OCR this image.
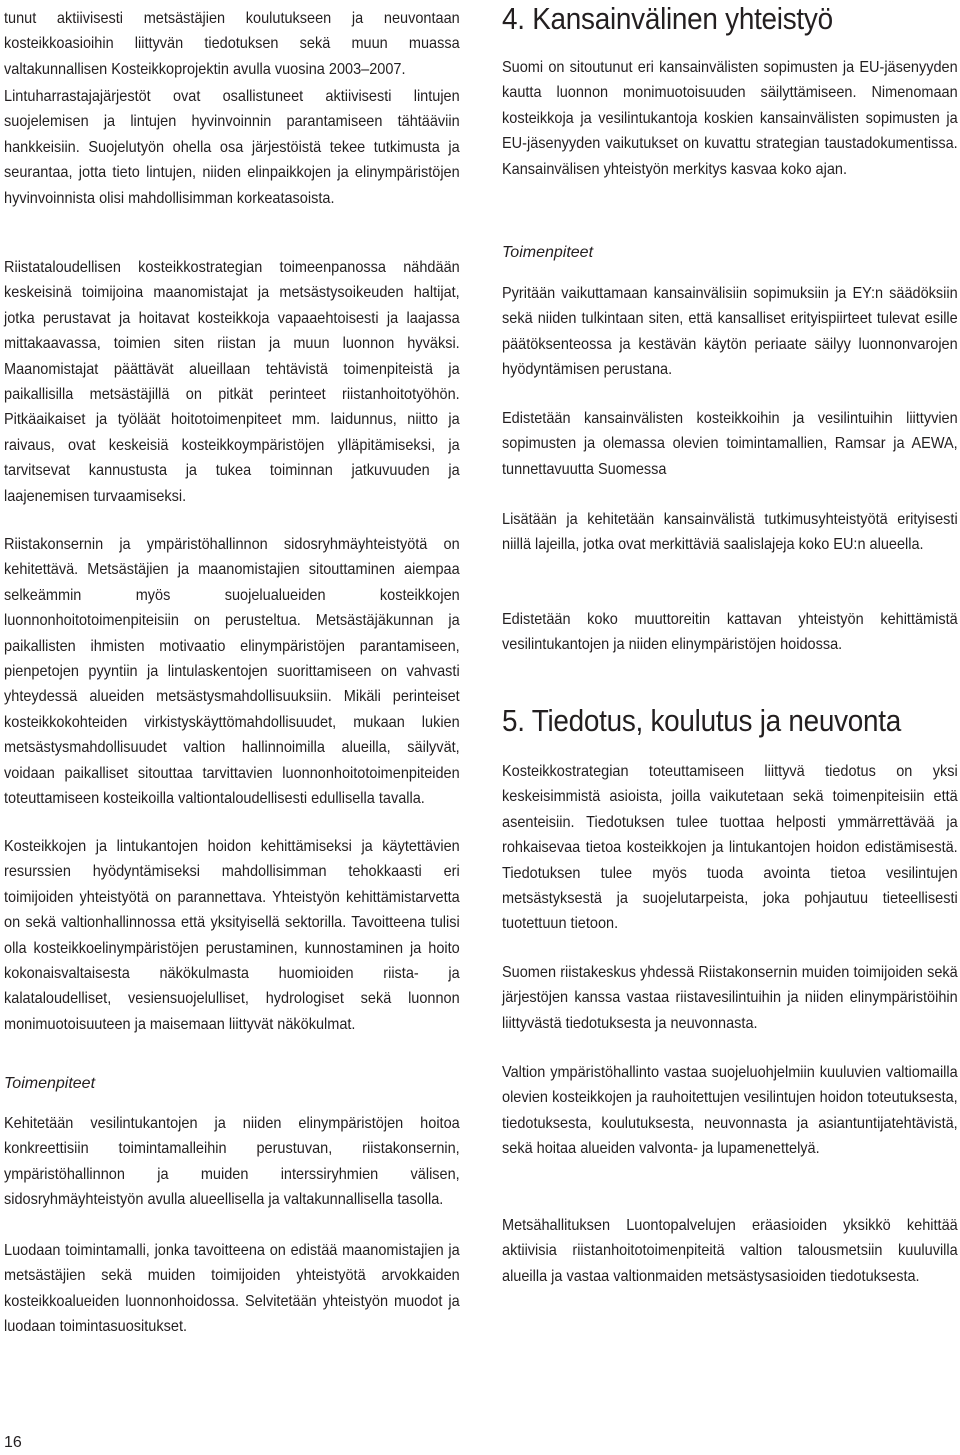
tunut aktiivisesti metsästäjien koulutukseen ja neuvontaan kosteikkoasioihin liittyvän tiedotuksen sekä muun muassa valtakunnallisen Kosteikkoprojektin avulla vuosina 2003–2007.

Lintuharrastajajärjestöt ovat osallistuneet aktiivisesti lintujen suojelemisen ja lintujen hyvinvoinnin parantamiseen tähtääviin hankkeisiin. Suojelutyön ohella osa järjestöistä tekee tutkimusta ja seurantaa, jotta tieto lintujen, niiden elinpaikkojen ja elinympäristöjen hyvinvoinnista olisi mahdollisimman korkeatasoista.

Riistataloudellisen kosteikkostrategian toimeenpanossa nähdään keskeisinä toimijoina maanomistajat ja metsästysoikeuden haltijat, jotka perustavat ja hoitavat kosteikkoja vapaaehtoisesti ja laajassa mittakaavassa, toimien siten riistan ja muun luonnon hyväksi. Maanomistajat päättävät alueillaan tehtävistä toimenpiteistä ja paikallisilla metsästäjillä on pitkät perinteet riistanhoitotyöhön. Pitkäaikaiset ja työläät hoitotoimenpiteet mm. laidunnus, niitto ja raivaus, ovat keskeisiä kosteikkoympäristöjen ylläpitämiseksi, ja tarvitsevat kannustusta ja tukea toiminnan jatkuvuuden ja laajenemisen turvaamiseksi.

Riistakonsernin ja ympäristöhallinnon sidosryhmäyhteistyötä on kehitettävä. Metsästäjien ja maanomistajien sitouttaminen aiempaa selkeämmin myös suojelualueiden kosteikkojen luonnonhoitotoimenpiteisiin on perusteltua. Metsästäjäkunnan ja paikallisten ihmisten motivaatio elinympäristöjen parantamiseen, pienpetojen pyyntiin ja lintulaskentojen suorittamiseen on vahvasti yhteydessä alueiden metsästysmahdollisuuksiin. Mikäli perinteiset kosteikkokohteiden virkistyskäyttömahdollisuudet, mukaan lukien metsästysmahdollisuudet valtion hallinnoimilla alueilla, säilyvät, voidaan paikalliset sitouttaa tarvittavien luonnonhoitotoimenpiteiden toteuttamiseen kosteikoilla valtiontaloudellisesti edullisella tavalla.

Kosteikkojen ja lintukantojen hoidon kehittämiseksi ja käytettävien resurssien hyödyntämiseksi mahdollisimman tehokkaasti eri toimijoiden yhteistyötä on parannettava. Yhteistyön kehittämistarvetta on sekä valtionhallinnossa että yksityisellä sektorilla. Tavoitteena tulisi olla kosteikkoelinympäristöjen perustaminen, kunnostaminen ja hoito kokonaisvaltaisesta näkökulmasta huomioiden riista- ja kalataloudelliset, vesiensuojelulliset, hydrologiset sekä luonnon monimuotoisuuteen ja maisemaan liittyvät näkökulmat.

Toimenpiteet

Kehitetään vesilintukantojen ja niiden elinympäristöjen hoitoa konkreettisiin toimintamalleihin perustuvan, riistakonsernin, ympäristöhallinnon ja muiden interssiryhmien välisen, sidosryhmäyhteistyön avulla alueellisella ja valtakunnallisella tasolla.

Luodaan toimintamalli, jonka tavoitteena on edistää maanomistajien ja metsästäjien sekä muiden toimijoiden yhteistyötä arvokkaiden kosteikkoalueiden luonnonhoidossa. Selvitetään yhteistyön muodot ja luodaan toimintasuositukset.

4. Kansainvälinen yhteistyö

Suomi on sitoutunut eri kansainvälisten sopimusten ja EU-jäsenyyden kautta luonnon monimuotoisuuden säilyttämiseen. Nimenomaan kosteikkoja ja vesilintukantoja koskien kansainvälisten sopimusten ja EU-jäsenyyden vaikutukset on kuvattu strategian taustadokumentissa. Kansainvälisen yhteistyön merkitys kasvaa koko ajan.

Toimenpiteet

Pyritään vaikuttamaan kansainvälisiin sopimuksiin ja EY:n säädöksiin sekä niiden tulkintaan siten, että kansalliset erityispiirteet tulevat esille päätöksenteossa ja kestävän käytön periaate säilyy luonnonvarojen hyödyntämisen perustana.

Edistetään kansainvälisten kosteikkoihin ja vesilintuihin liittyvien sopimusten ja olemassa olevien toimintamallien, Ramsar ja AEWA, tunnettavuutta Suomessa

Lisätään ja kehitetään kansainvälistä tutkimusyhteistyötä erityisesti niillä lajeilla, jotka ovat merkittäviä saalislajeja koko EU:n alueella.

Edistetään koko muuttoreitin kattavan yhteistyön kehittämistä vesilintukantojen ja niiden elinympäristöjen hoidossa.

5. Tiedotus, koulutus ja neuvonta

Kosteikkostrategian toteuttamiseen liittyvä tiedotus on yksi keskeisimmistä asioista, joilla vaikutetaan sekä toimenpiteisiin että asenteisiin. Tiedotuksen tulee tuottaa helposti ymmärrettävää ja rohkaisevaa tietoa kosteikkojen ja lintukantojen hoidon edistämisestä. Tiedotuksen tulee myös tuoda avointa tietoa vesilintujen metsästyksestä ja suojelutarpeista, joka pohjautuu tieteellisesti tuotettuun tietoon.

Suomen riistakeskus yhdessä Riistakonsernin muiden toimijoiden sekä järjestöjen kanssa vastaa riistavesilintuihin ja niiden elinympäristöihin liittyvästä tiedotuksesta ja neuvonnasta.

Valtion ympäristöhallinto vastaa suojeluohjelmiin kuuluvien valtiomailla olevien kosteikkojen ja rauhoitettujen vesilintujen hoidon toteutuksesta, tiedotuksesta, koulutuksesta, neuvonnasta ja asiantuntijatehtävistä, sekä hoitaa alueiden valvonta- ja lupamenettelyä.

Metsähallituksen Luontopalvelujen eräasioiden yksikkö kehittää aktiivisia riistanhoitotoimenpiteitä valtion talousmetsiin kuuluvilla alueilla ja vastaa valtionmaiden metsästysasioiden tiedotuksesta.

16
